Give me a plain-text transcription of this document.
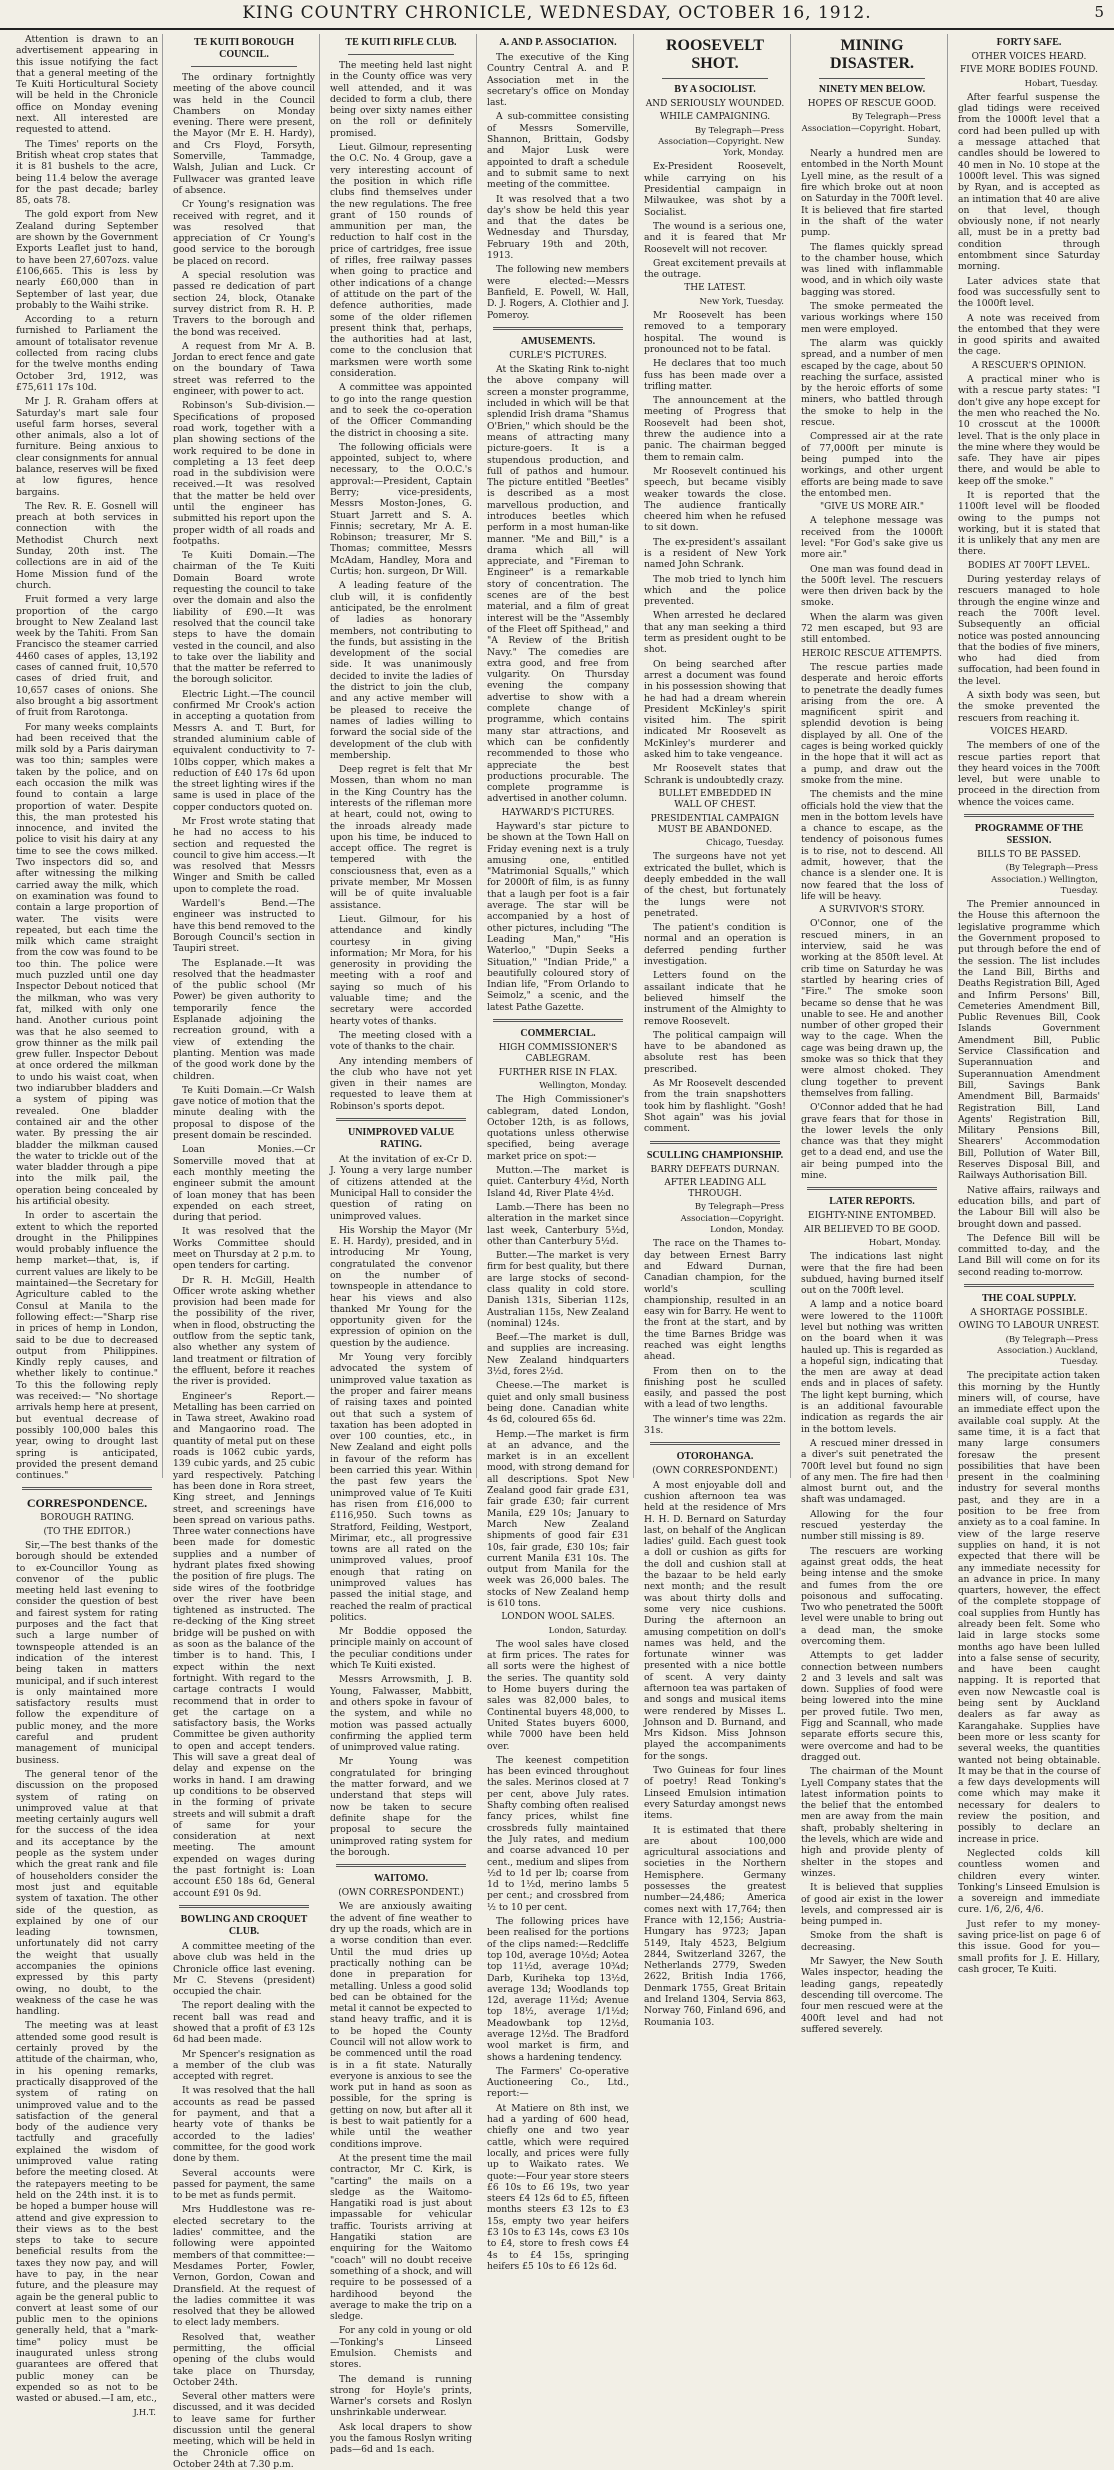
KING COUNTRY CHRONICLE, WEDNESDAY, OCTOBER 16, 1912.	5

Attention is drawn to an advertisement appearing in this issue notifying the fact that a general meeting of the Te Kuiti Horticultural Society will be held in the Chronicle office on Monday evening next. All interested are requested to attend.

The Times' reports on the British wheat crop states that it is 81 bushels to the acre, being 11.4 below the average for the past decade; barley 85, oats 78.

The gold export from New Zealand during September are shown by the Government Exports Leaflet just to hand, to have been 27,607ozs. value £106,665. This is less by nearly £60,000 than in September of last year, due probably to the Waihi strike.

According to a return furnished to Parliament the amount of totalisator revenue collected from racing clubs for the twelve months ending October 3rd, 1912, was £75,611 17s 10d.

Mr J. R. Graham offers at Saturday's mart sale four useful farm horses, several other animals, also a lot of furniture. Being anxious to clear consignments for annual balance, reserves will be fixed at low figures, hence bargains.

The Rev. R. E. Gosnell will preach at both services in connection with the Methodist Church next Sunday, 20th inst. The collections are in aid of the Home Mission fund of the church.

Fruit formed a very large proportion of the cargo brought to New Zealand last week by the Tahiti. From San Francisco the steamer carried 4460 cases of apples, 13,192 cases of canned fruit, 10,570 cases of dried fruit, and 10,657 cases of onions. She also brought a big assortment of fruit from Rarotonga.

For many weeks complaints had been received that the milk sold by a Paris dairyman was too thin; samples were taken by the police, and on each occasion the milk was found to contain a large proportion of water. Despite this, the man protested his innocence, and invited the police to visit his dairy at any time to see the cows milked. Two inspectors did so, and after witnessing the milking carried away the milk, which on examination was found to contain a large proportion of water. The visits were repeated, but each time the milk which came straight from the cow was found to be too thin. The police were much puzzled until one day Inspector Debout noticed that the milkman, who was very fat, milked with only one hand. Another curious point was that he also seemed to grow thinner as the milk pail grew fuller. Inspector Debout at once ordered the milkman to undo his waist coat, when two indiarubber bladders and a system of piping was revealed. One bladder contained air and the other water. By pressing the air bladder the milkman caused the water to trickle out of the water bladder through a pipe into the milk pail, the operation being concealed by his artificial obesity.

In order to ascertain the extent to which the reported drought in the Philippines would probably influence the hemp market—that, is, if current values are likely to be maintained—the Secretary for Agriculture cabled to the Consul at Manila to the following effect:—"Sharp rise in prices of hemp in London, said to be due to decreased output from Philippines. Kindly reply causes, and whether likely to continue." To this the following reply was received:— "No shortage arrivals hemp here at present, but eventual decrease of possibly 100,000 bales this year, owing to drought last spring is anticipated, provided the present demand continues."

CORRESPONDENCE.
BOROUGH RATING.
(TO THE EDITOR.)

Sir,—The best thanks of the borough should be extended to ex-Councillor Young as convenor of the public meeting held last evening to consider the question of best and fairest system for rating purposes and the fact that such a large number of townspeople attended is an indication of the interest being taken in matters municipal, and if such interest is only maintained more satisfactory results must follow the expenditure of public money, and the more careful and prudent management of municipal business.

The general tenor of the discussion on the proposed system of rating on unimproved value at that meeting certainly augurs well for the success of the idea and its acceptance by the people as the system under which the great rank and file of householders consider the most just and equitable system of taxation. The other side of the question, as explained by one of our leading townsmen, unfortunately did not carry the weight that usually accompanies the opinions expressed by this party owing, no doubt, to the weakness of the case he was handling.

The meeting was at least attended some good result is certainly proved by the attitude of the chairman, who, in his opening remarks, practically disapproved of the system of rating on unimproved value and to the satisfaction of the general body of the audience very tactfully and gracefully explained the wisdom of unimproved value rating before the meeting closed. At the ratepayers meeting to be held on the 24th inst. it is to be hoped a bumper house will attend and give expression to their views as to the best steps to take to secure beneficial results from the taxes they now pay, and will have to pay, in the near future, and the pleasure may again be the general public to convert at least some of our public men to the opinions generally held, that a "mark-time" policy must be inaugurated unless strong guarantees are offered that public money can be expended so as not to be wasted or abused.—I am, etc.,

J.H.T.
TE KUITI BOROUGH COUNCIL.

The ordinary fortnightly meeting of the above council was held in the Council Chambers on Monday evening. There were present, the Mayor (Mr E. H. Hardy), and Crs Floyd, Forsyth, Somerville, Tammadge, Walsh, Julian and Luck. Cr Fullwacer was granted leave of absence.

Cr Young's resignation was received with regret, and it was resolved that appreciation of Cr Young's good service to the borough be placed on record.

A special resolution was passed re dedication of part section 24, block, Otanake survey district from R. H. P. Travers to the borough and the bond was received.

A request from Mr A. B. Jordan to erect fence and gate on the boundary of Tawa street was referred to the engineer, with power to act.

Robinson's Sub-division.—Specifications of proposed road work, together with a plan showing sections of the work required to be done in completing a 13 feet deep road in the subdivision were received.—It was resolved that the matter be held over until the engineer has submitted his report upon the proper width of all roads and footpaths.

Te Kuiti Domain.—The chairman of the Te Kuiti Domain Board wrote requesting the council to take over the domain and also the liability of £90.—It was resolved that the council take steps to have the domain vested in the council, and also to take over the liability and that the matter be referred to the borough solicitor.

Electric Light.—The council confirmed Mr Crook's action in accepting a quotation from Messrs A. and T. Burt, for stranded aluminium cable of equivalent conductivity to 7-10lbs copper, which makes a reduction of £40 17s 6d upon the street lighting wires if the same is used in place of the copper conductors quoted on.

Mr Frost wrote stating that he had no access to his section and requested the council to give him access.—It was resolved that Messrs Winger and Smith be called upon to complete the road.

Wardell's Bend.—The engineer was instructed to have this bend removed to the Borough Council's section in Taupiri street.

The Esplanade.—It was resolved that the headmaster of the public school (Mr Power) be given authority to temporarily fence the Esplanade adjoining the recreation ground, with a view of extending the planting. Mention was made of the good work done by the children.

Te Kuiti Domain.—Cr Walsh gave notice of motion that the minute dealing with the proposal to dispose of the present domain be rescinded.

Loan Monies.—Cr Somerville moved that at each monthly meeting the engineer submit the amount of loan money that has been expended on each street, during that period.

It was resolved that the Works Committee should meet on Thursday at 2 p.m. to open tenders for carting.

Dr R. H. McGill, Health Officer wrote asking whether provision had been made for the possibility of the river, when in flood, obstructing the outflow from the septic tank, also whether any system of land treatment or filtration of the effluent, before it reaches the river is provided.

Engineer's Report.—Metalling has been carried on in Tawa street, Awakino road and Mangaorino road. The quantity of metal put on these roads is 1062 cubic yards, 139 cubic yards, and 25 cubic yard respectively. Patching has been done in Rora street, King street, and Jennings street, and screenings have been spread on various paths. Three water connections have been made for domestic supplies and a number of hydrant plates fixed showing the position of fire plugs. The side wires of the footbridge over the river have been tightened as instructed. The re-decking of the King street bridge will be pushed on with as soon as the balance of the timber is to hand. This, I expect within the next fortnight. With regard to the cartage contracts I would recommend that in order to get the cartage on a satisfactory basis, the Works Committee be given authority to open and accept tenders. This will save a great deal of delay and expense on the works in hand. I am drawing up conditions to be observed in the forming of private streets and will submit a draft of same for your consideration at next meeting. The amount expended on wages during the past fortnight is: Loan account £50 18s 6d, General account £91 0s 9d.

BOWLING AND CROQUET CLUB.

A committee meeting of the above club was held in the Chronicle office last evening. Mr C. Stevens (president) occupied the chair.

The report dealing with the recent ball was read and showed that a profit of £3 12s 6d had been made.

Mr Spencer's resignation as a member of the club was accepted with regret.

It was resolved that the hall accounts as read be passed for payment, and that a hearty vote of thanks be accorded to the ladies' committee, for the good work done by them.

Several accounts were passed for payment, the same to be met as funds permit.

Mrs Huddlestone was re-elected secretary to the ladies' committee, and the following were appointed members of that committee:—Mesdames Porter, Fowler, Vernon, Gordon, Cowan and Dransfield. At the request of the ladies committee it was resolved that they be allowed to elect lady members.

Resolved that, weather permitting, the official opening of the clubs would take place on Thursday, October 24th.

Several other matters were discussed, and it was decided to leave same for further discussion until the general meeting, which will be held in the Chronicle office on October 24th at 7.30 p.m.

TE KUITI RIFLE CLUB.

The meeting held last night in the County office was very well attended, and it was decided to form a club, there being over sixty names either on the roll or definitely promised.

Lieut. Gilmour, representing the O.C. No. 4 Group, gave a very interesting account of the position in which rifle clubs find themselves under the new regulations. The free grant of 150 rounds of ammunition per man, the reduction to half cost in the price of cartridges, free issue of rifles, free railway passes when going to practice and other indications of a change of attitude on the part of the defence authorities, made some of the older riflemen present think that, perhaps, the authorities had at last, come to the conclusion that marksmen were worth some consideration.

A committee was appointed to go into the range question and to seek the co-operation of the Officer Commanding the district in choosing a site.

The following officials were appointed, subject to, where necessary, to the O.O.C.'s approval:—President, Captain Berry; vice-presidents, Messrs Moston-Jones, G. Stuart Jarrett and S. A. Finnis; secretary, Mr A. E. Robinson; treasurer, Mr S. Thomas; committee, Messrs McAdam, Handley, Mora and Curtis; hon. surgeon, Dr Will.

A leading feature of the club will, it is confidently anticipated, be the enrolment of ladies as honorary members, not contributing to the funds, but assisting in the development of the social side. It was unanimously decided to invite the ladies of the district to join the club, and any active member will be pleased to receive the names of ladies willing to forward the social side of the development of the club with membership.

Deep regret is felt that Mr Mossen, than whom no man in the King Country has the interests of the rifleman more at heart, could not, owing to the inroads already made upon his time, be induced to accept office. The regret is tempered with the consciousness that, even as a private member, Mr Mossen will be of quite invaluable assistance.

Lieut. Gilmour, for his attendance and kindly courtesy in giving information; Mr Mora, for his generosity in providing the meeting with a roof and saying so much of his valuable time; and the secretary were accorded hearty votes of thanks.

The meeting closed with a vote of thanks to the chair.

Any intending members of the club who have not yet given in their names are requested to leave them at Robinson's sports depot.

UNIMPROVED VALUE RATING.

At the invitation of ex-Cr D. J. Young a very large number of citizens attended at the Municipal Hall to consider the question of rating on unimproved values.

His Worship the Mayor (Mr E. H. Hardy), presided, and in introducing Mr Young, congratulated the convenor on the number of townspeople in attendance to hear his views and also thanked Mr Young for the opportunity given for the expression of opinion on the question by the audience.

Mr Young very forcibly advocated the system of unimproved value taxation as the proper and fairer means of raising taxes and pointed out that such a system of taxation has been adopted in over 100 counties, etc., in New Zealand and eight polls in favour of the reform has been carried this year. Within the past few years the unimproved value of Te Kuiti has risen from £16,000 to £116,950. Such towns as Stratford, Feilding, Westport, Mirimar, etc., all progressive towns are all rated on the unimproved values, proof enough that rating on unimproved values has passed the initial stage, and reached the realm of practical politics.

Mr Boddie opposed the principle mainly on account of the peculiar conditions under which Te Kuiti existed.

Messrs Arrowsmith, J. B. Young, Falwasser, Mabbitt, and others spoke in favour of the system, and while no motion was passed actually confirming the applied term of unimproved value rating.

Mr Young was congratulated for bringing the matter forward, and we understand that steps will now be taken to secure definite shape for the proposal to secure the unimproved rating system for the borough.

WAITOMO.
(OWN CORRESPONDENT.)

We are anxiously awaiting the advent of fine weather to dry up the roads, which are in a worse condition than ever. Until the mud dries up practically nothing can be done in preparation for metalling. Unless a good solid bed can be obtained for the metal it cannot be expected to stand heavy traffic, and it is to be hoped the County Council will not allow work to be commenced until the road is in a fit state. Naturally everyone is anxious to see the work put in hand as soon as possible, for the spring is getting on now, but after all it is best to wait patiently for a while until the weather conditions improve.

At the present time the mail contractor, Mr C. Kirk, is "carting" the mails on a sledge as the Waitomo-Hangatiki road is just about impassable for vehicular traffic. Tourists arriving at Hangatiki station are enquiring for the Waitomo "coach" will no doubt receive something of a shock, and will require to be possessed of a hardihood beyond the average to make the trip on a sledge.

For any cold in young or old—Tonking's Linseed Emulsion. Chemists and stores.

The demand is running strong for Hoyle's prints, Warner's corsets and Roslyn unshrinkable underwear.

Ask local drapers to show you the famous Roslyn writing pads—6d and 1s each.

A. AND P. ASSOCIATION.

The executive of the King Country Central A. and P. Association met in the secretary's office on Monday last.

A sub-committee consisting of Messrs Somerville, Shannon, Brittain, Godsby and Major Lusk were appointed to draft a schedule and to submit same to next meeting of the committee.

It was resolved that a two day's show be held this year and that the dates be Wednesday and Thursday, February 19th and 20th, 1913.

The following new members were elected:—Messrs Banfield, E. Powell, W. Hall, D. J. Rogers, A. Clothier and J. Pomeroy.

AMUSEMENTS.
CURLE'S PICTURES.

At the Skating Rink to-night the above company will screen a monster programme, included in which will be that splendid Irish drama "Shamus O'Brien," which should be the means of attracting many picture-goers. It is a stupendous production, and full of pathos and humour. The picture entitled "Beetles" is described as a most marvellous production, and introduces beetles which perform in a most human-like manner. "Me and Bill," is a drama which all will appreciate, and "Fireman to Engineer" is a remarkable story of concentration. The scenes are of the best material, and a film of great interest will be the "Assembly of the Fleet off Spithead," and "A Review of the British Navy." The comedies are extra good, and free from vulgarity. On Thursday evening the company advertise to show with a complete change of programme, which contains many star attractions, and which can be confidently recommended to those who appreciate the best productions procurable. The complete programme is advertised in another column.

HAYWARD'S PICTURES.

Hayward's star picture to be shown at the Town Hall on Friday evening next is a truly amusing one, entitled "Matrimonial Squalls," which for 2000ft of film, is as funny that a laugh per foot is a fair average. The star will be accompanied by a host of other pictures, including "The Leading Man," "His Waterloo," "Dupin Seeks a Situation," "Indian Pride," a beautifully coloured story of Indian life, "From Orlando to Seimolz," a scenic, and the latest Pathe Gazette.

COMMERCIAL.
HIGH COMMISSIONER'S CABLEGRAM.
FURTHER RISE IN FLAX.
Wellington, Monday.

The High Commissioner's cablegram, dated London, October 12th, is as follows, quotations unless otherwise specified, being average market price on spot:—

Mutton.—The market is quiet. Canterbury 4½d, North Island 4d, River Plate 4½d.

Lamb.—There has been no alteration in the market since last week, Canterbury 5½d, other than Canterbury 5½d.

Butter.—The market is very firm for best quality, but there are large stocks of second-class quality in cold store. Danish 131s, Siberian 112s, Australian 115s, New Zealand (nominal) 124s.

Beef.—The market is dull, and supplies are increasing. New Zealand hindquarters 3½d, fores 2½d.

Cheese.—The market is quiet and only small business being done. Canadian white 4s 6d, coloured 65s 6d.

Hemp.—The market is firm at an advance, and the market is in an excellent mood, with strong demand for all descriptions. Spot New Zealand good fair grade £31, fair grade £30; fair current Manila, £29 10s; January to March New Zealand shipments of good fair £31 10s, fair grade, £30 10s; fair current Manila £31 10s. The output from Manila for the week was 26,000 bales. The stocks of New Zealand hemp is 610 tons.

LONDON WOOL SALES.
London, Saturday.

The wool sales have closed at firm prices. The rates for all sorts were the highest of the series. The quantity sold to Home buyers during the sales was 82,000 bales, to Continental buyers 48,000, to United States buyers 6000, while 7000 have been held over.

The keenest competition has been evinced throughout the sales. Merinos closed at 7 per cent, above July rates. Shafty combing often realised fancy prices, whilst fine crossbreds fully maintained the July rates, and medium and coarse advanced 10 per cent., medium and slipes from ½d to 1d per lb; coarse from 1d to 1½d, merino lambs 5 per cent.; and crossbred from ½ to 10 per cent.

The following prices have been realised for the portions of the clips named:—Redcliffe top 10d, average 10½d; Aotea top 11½d, average 10¾d; Darb, Kuriheka top 13½d, average 13d; Woodlands top 12d, average 11½d; Avenue top 18½, average 1/1½d; Meadowbank top 12½d, average 12½d. The Bradford wool market is firm, and shows a hardening tendency.

The Farmers' Co-operative Auctioneering Co., Ltd., report:—

At Matiere on 8th inst, we had a yarding of 600 head, chiefly one and two year cattle, which were required locally, and prices were fully up to Waikato rates. We quote:—Four year store steers £6 10s to £6 19s, two year steers £4 12s 6d to £5, fifteen months steers £3 12s to £3 15s, empty two year heifers £3 10s to £3 14s, cows £3 10s to £4, store to fresh cows £4 4s to £4 15s, springing heifers £5 10s to £6 12s 6d.

ROOSEVELT SHOT.
BY A SOCIOLIST.
AND SERIOUSLY WOUNDED.
WHILE CAMPAIGNING.
By Telegraph—Press Association—Copyright. New York, Monday.

Ex-President Roosevelt, while carrying on his Presidential campaign in Milwaukee, was shot by a Socialist.

The wound is a serious one, and it is feared that Mr Roosevelt will not recover.

Great excitement prevails at the outrage.

THE LATEST.
New York, Tuesday.

Mr Roosevelt has been removed to a temporary hospital. The wound is pronounced not to be fatal.

He declares that too much fuss has been made over a trifling matter.

The announcement at the meeting of Progress that Roosevelt had been shot, threw the audience into a panic. The chairman begged them to remain calm.

Mr Roosevelt continued his speech, but became visibly weaker towards the close. The audience frantically cheered him when he refused to sit down.

The ex-president's assailant is a resident of New York named John Schrank.

The mob tried to lynch him which and the police prevented.

When arrested he declared that any man seeking a third term as president ought to be shot.

On being searched after arrest a document was found in his possession showing that he had had a dream wherein President McKinley's spirit visited him. The spirit indicated Mr Roosevelt as McKinley's murderer and asked him to take vengeance.

Mr Roosevelt states that Schrank is undoubtedly crazy.

BULLET EMBEDDED IN WALL OF CHEST.
PRESIDENTIAL CAMPAIGN MUST BE ABANDONED.
Chicago, Tuesday.

The surgeons have not yet extricated the bullet, which is deeply embedded in the wall of the chest, but fortunately the lungs were not penetrated.

The patient's condition is normal and an operation is deferred pending further investigation.

Letters found on the assailant indicate that he believed himself the instrument of the Almighty to remove Roosevelt.

The political campaign will have to be abandoned as absolute rest has been prescribed.

As Mr Roosevelt descended from the train snapshotters took him by flashlight. "Gosh! Shot again" was his jovial comment.

SCULLING CHAMPIONSHIP.
BARRY DEFEATS DURNAN.
AFTER LEADING ALL THROUGH.
By Telegraph—Press Association—Copyright. London, Monday.

The race on the Thames to-day between Ernest Barry and Edward Durnan, Canadian champion, for the world's sculling championship, resulted in an easy win for Barry. He went to the front at the start, and by the time Barnes Bridge was reached was eight lengths ahead.

From then on to the finishing post he sculled easily, and passed the post with a lead of two lengths.

The winner's time was 22m. 31s.

OTOROHANGA.
(OWN CORRESPONDENT.)

A most enjoyable doll and cushion afternoon tea was held at the residence of Mrs H. H. D. Bernard on Saturday last, on behalf of the Anglican ladies' guild. Each guest took a doll or cushion as gifts for the doll and cushion stall at the bazaar to be held early next month; and the result was about thirty dolls and some very nice cushions. During the afternoon an amusing competition on doll's names was held, and the fortunate winner was presented with a nice bottle of scent. A very dainty afternoon tea was partaken of and songs and musical items were rendered by Misses L. Johnson and D. Burnand, and Mrs Kidson. Miss Johnson played the accompaniments for the songs.

Two Guineas for four lines of poetry! Read Tonking's Linseed Emulsion intimation every Saturday amongst news items.

It is estimated that there are about 100,000 agricultural associations and societies in the Northern Hemisphere. Germany possesses the greatest number—24,486; America comes next with 17,764; then France with 12,156; Austria-Hungary has 9723; Japan 5149, Italy 4523, Belgium 2844, Switzerland 3267, the Netherlands 2779, Sweden 2622, British India 1766, Denmark 1755, Great Britain and Ireland 1304, Servia 863, Norway 760, Finland 696, and Roumania 103.

MINING DISASTER.
NINETY MEN BELOW.
HOPES OF RESCUE GOOD.
By Telegraph—Press Association—Copyright. Hobart, Sunday.

Nearly a hundred men are entombed in the North Mount Lyell mine, as the result of a fire which broke out at noon on Saturday in the 700ft level. It is believed that fire started in the shaft of the water pump.

The flames quickly spread to the chamber house, which was lined with inflammable wood, and in which oily waste bagging was stored.

The smoke permeated the various workings where 150 men were employed.

The alarm was quickly spread, and a number of men escaped by the cage, about 50 reaching the surface, assisted by the heroic efforts of some miners, who battled through the smoke to help in the rescue.

Compressed air at the rate of 77,000ft per minute is being pumped into the workings, and other urgent efforts are being made to save the entombed men.

"GIVE US MORE AIR."

A telephone message was received from the 1000ft level: "For God's sake give us more air."

One man was found dead in the 500ft level. The rescuers were then driven back by the smoke.

When the alarm was given 72 men escaped, but 93 are still entombed.

HEROIC RESCUE ATTEMPTS.

The rescue parties made desperate and heroic efforts to penetrate the deadly fumes arising from the ore. A magnificent spirit and splendid devotion is being displayed by all. One of the cages is being worked quickly in the hope that it will act as a pump, and draw out the smoke from the mine.

The chemists and the mine officials hold the view that the men in the bottom levels have a chance to escape, as the tendency of poisonous fumes is to rise, not to descend. All admit, however, that the chance is a slender one. It is now feared that the loss of life will be heavy.

A SURVIVOR'S STORY.

O'Connor, one of the rescued miners, in an interview, said he was working at the 850ft level. At crib time on Saturday he was startled by hearing cries of "Fire." The smoke soon became so dense that he was unable to see. He and another number of other groped their way to the cage. When the cage was being drawn up, the smoke was so thick that they were almost choked. They clung together to prevent themselves from falling.

O'Connor added that he had grave fears that for those in the lower levels the only chance was that they might get to a dead end, and use the air being pumped into the mine.

LATER REPORTS.
EIGHTY-NINE ENTOMBED.
AIR BELIEVED TO BE GOOD.
Hobart, Monday.

The indications last night were that the fire had been subdued, having burned itself out on the 700ft level.

A lamp and a notice board were lowered to the 1100ft level but nothing was written on the board when it was hauled up. This is regarded as a hopeful sign, indicating that the men are away at dead ends and in places of safety. The light kept burning, which is an additional favourable indication as regards the air in the bottom levels.

A rescued miner dressed in a diver's suit penetrated the 700ft level but found no sign of any men. The fire had then almost burnt out, and the shaft was undamaged.

Allowing for the four rescued yesterday the number still missing is 89.

The rescuers are working against great odds, the heat being intense and the smoke and fumes from the ore poisonous and suffocating. Two who penetrated the 500ft level were unable to bring out a dead man, the smoke overcoming them.

Attempts to get ladder connection between numbers 2 and 3 levels and salt was down. Supplies of food were being lowered into the mine per proved futile. Two men, Figg and Scannall, who made separate efforts secure this, were overcome and had to be dragged out.

The chairman of the Mount Lyell Company states that the latest information points to the belief that the entombed men are away from the main shaft, probably sheltering in the levels, which are wide and high and provide plenty of shelter in the stopes and winzes.

It is believed that supplies of good air exist in the lower levels, and compressed air is being pumped in.

Smoke from the shaft is decreasing.

Mr Sawyer, the New South Wales inspector, heading the leading gangs, repeatedly descending till overcome. The four men rescued were at the 400ft level and had not suffered severely.

FORTY SAFE.
OTHER VOICES HEARD.
FIVE MORE BODIES FOUND.
Hobart, Tuesday.

After fearful suspense the glad tidings were received from the 1000ft level that a cord had been pulled up with a message attached that candles should be lowered to 40 men in No. 10 stope at the 1000ft level. This was signed by Ryan, and is accepted as an intimation that 40 are alive on that level, though obviously none, if not nearly all, must be in a pretty bad condition through entombment since Saturday morning.

Later advices state that food was successfully sent to the 1000ft level.

A note was received from the entombed that they were in good spirits and awaited the cage.

A RESCUER'S OPINION.

A practical miner who is with a rescue party states: "I don't give any hope except for the men who reached the No. 10 crosscut at the 1000ft level. That is the only place in the mine where they would be safe. They have air pipes there, and would be able to keep off the smoke."

It is reported that the 1100ft level will be flooded owing to the pumps not working, but it is stated that it is unlikely that any men are there.

BODIES AT 700FT LEVEL.

During yesterday relays of rescuers managed to hole through the engine winze and reach the 700ft level. Subsequently an official notice was posted announcing that the bodies of five miners, who had died from suffocation, had been found in the level.

A sixth body was seen, but the smoke prevented the rescuers from reaching it.

VOICES HEARD.

The members of one of the rescue parties report that they heard voices in the 700ft level, but were unable to proceed in the direction from whence the voices came.

PROGRAMME OF THE SESSION.
BILLS TO BE PASSED.
(By Telegraph—Press Association.) Wellington, Tuesday.

The Premier announced in the House this afternoon the legislative programme which the Government proposed to put through before the end of the session. The list includes the Land Bill, Births and Deaths Registration Bill, Aged and Infirm Persons' Bill, Cemeteries Amendment Bill, Public Revenues Bill, Cook Islands Government Amendment Bill, Public Service Classification and Superannuation and Superannuation Amendment Bill, Savings Bank Amendment Bill, Barmaids' Registration Bill, Land Agents' Registration Bill, Military Pensions Bill, Shearers' Accommodation Bill, Pollution of Water Bill, Reserves Disposal Bill, and Railways Authorisation Bill.

Native affairs, railways and education bills, and part of the Labour Bill will also be brought down and passed.

The Defence Bill will be committed to-day, and the Land Bill will come on for its second reading to-morrow.

THE COAL SUPPLY.
A SHORTAGE POSSIBLE.
OWING TO LABOUR UNREST.
(By Telegraph—Press Association.) Auckland, Tuesday.

The precipitate action taken this morning by the Huntly miners will, of course, have an immediate effect upon the available coal supply. At the same time, it is a fact that many large consumers foresaw the present possibilities that have been present in the coalmining industry for several months past, and they are in a position to be free from anxiety as to a coal famine. In view of the large reserve supplies on hand, it is not expected that there will be any immediate necessity for an advance in price. In many quarters, however, the effect of the complete stoppage of coal supplies from Huntly has already been felt. Some who laid in large stocks some months ago have been lulled into a false sense of security, and have been caught napping. It is reported that even now Newcastle coal is being sent by Auckland dealers as far away as Karangahake. Supplies have been more or less scanty for several weeks, the quantities wanted not being obtainable. It may be that in the course of a few days developments will come which may make it necessary for dealers to review the position, and possibly to declare an increase in price.

Neglected colds kill countless women and children every winter. Tonking's Linseed Emulsion is a sovereign and immediate cure. 1/6, 2/6, 4/6.

Just refer to my money-saving price-list on page 6 of this issue. Good for you—small profits for J. E. Hillary, cash grocer, Te Kuiti.
